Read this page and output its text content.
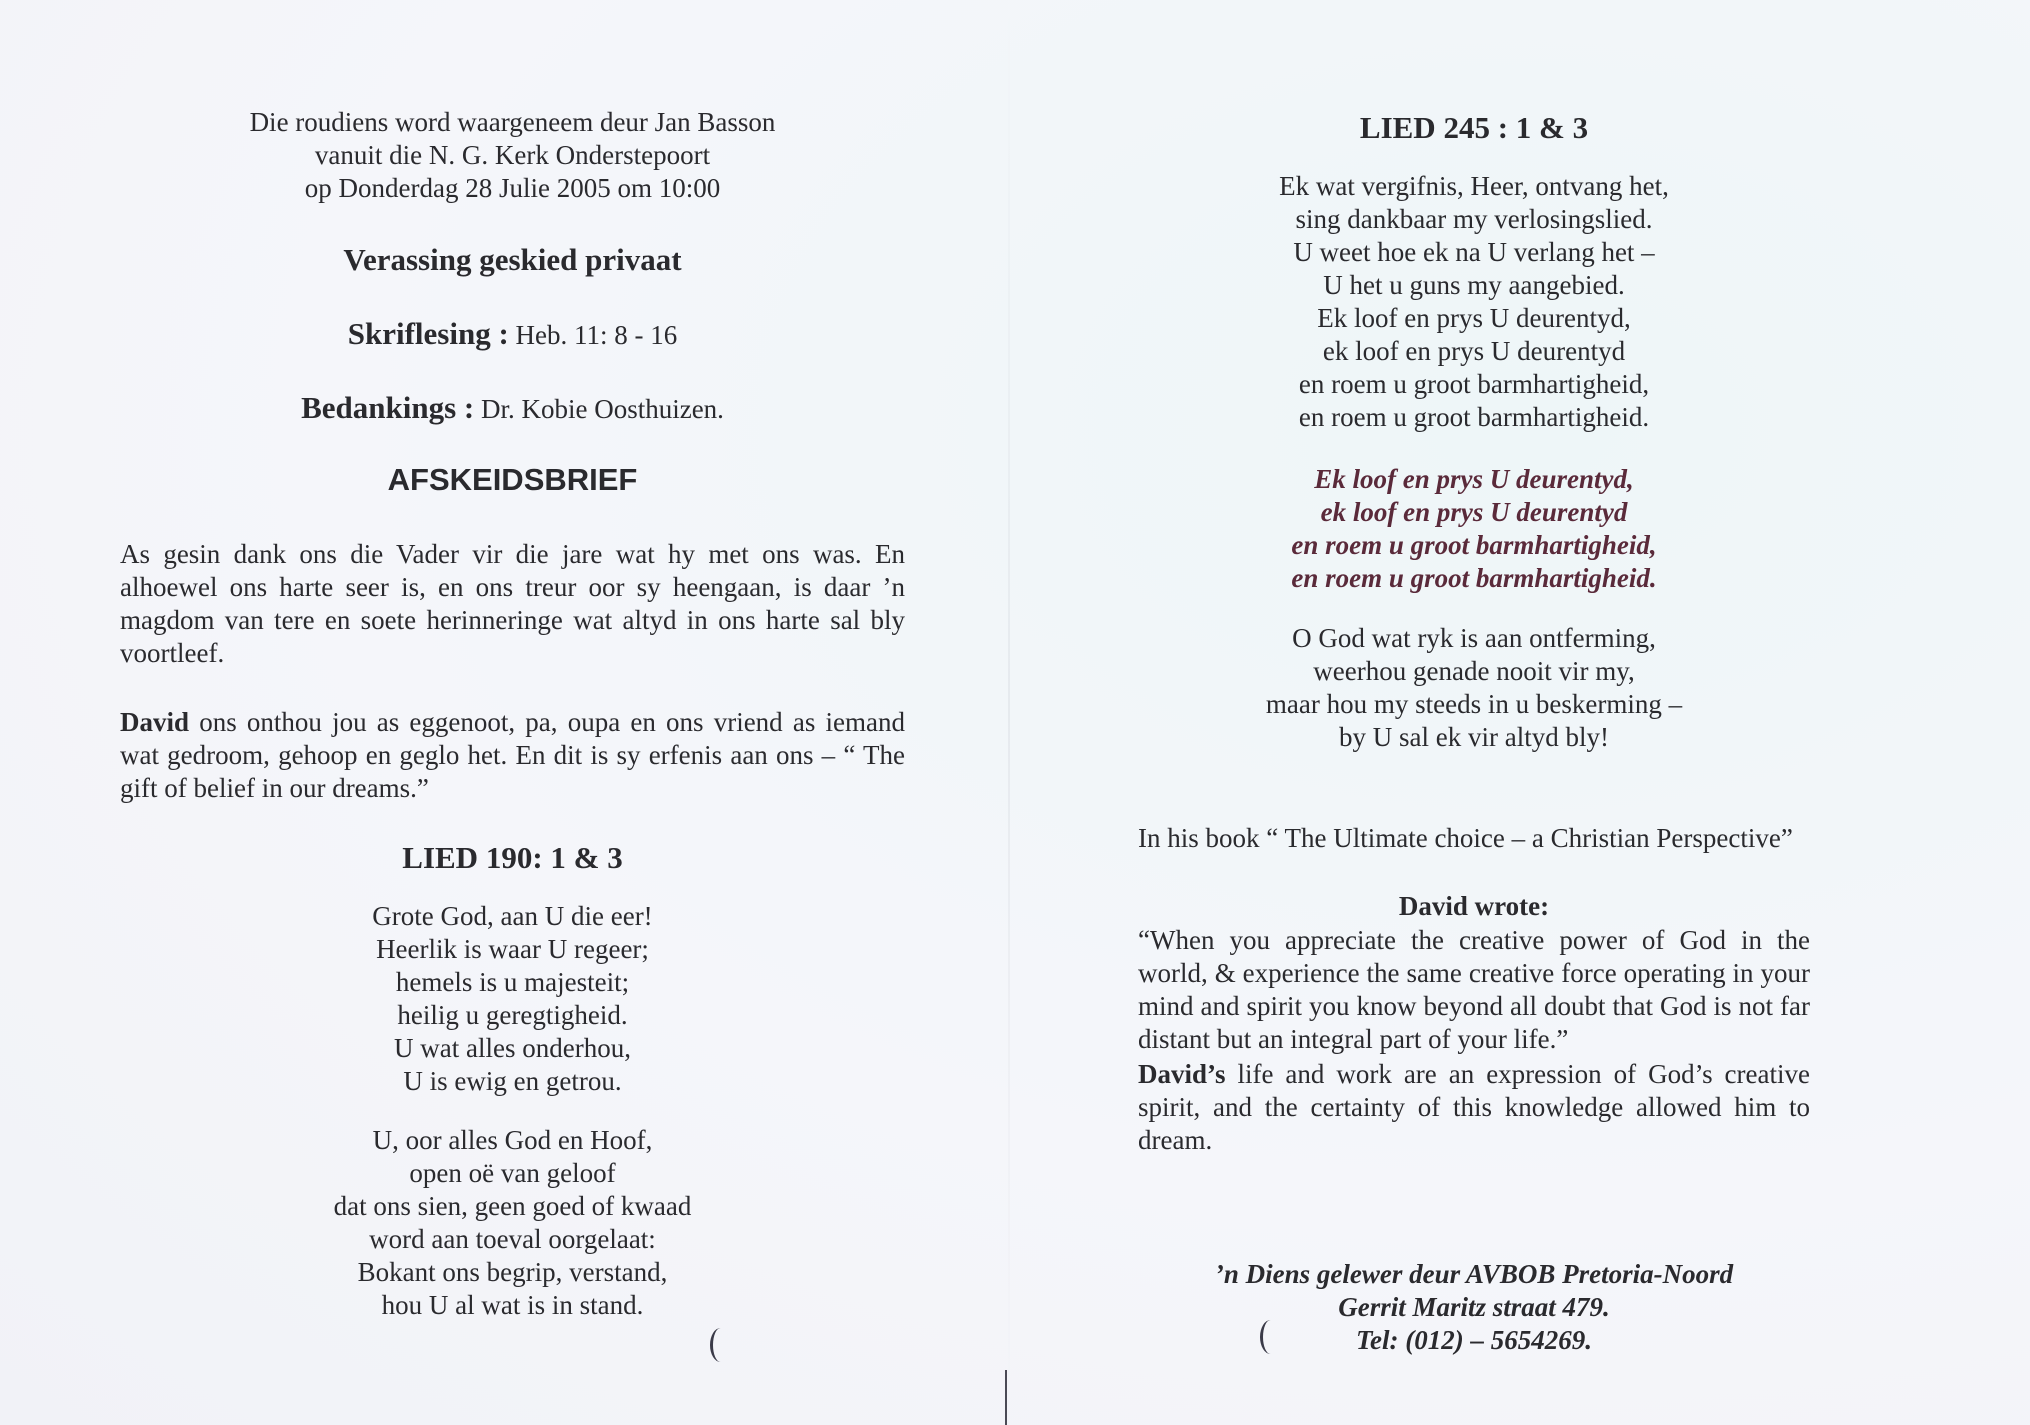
Die roudiens word waargeneem deur Jan Basson
vanuit die N. G. Kerk Onderstepoort
op Donderdag 28 Julie 2005 om 10:00
Verassing geskied privaat
Skriflesing : Heb. 11: 8 - 16
Bedankings : Dr. Kobie Oosthuizen.
AFSKEIDSBRIEF
As gesin dank ons die Vader vir die jare wat hy met ons was. En alhoewel ons harte seer is, en ons treur oor sy heengaan, is daar ’n magdom van tere en soete herinneringe wat altyd in ons harte sal bly voortleef.
David ons onthou jou as eggenoot, pa, oupa en ons vriend as iemand wat gedroom, gehoop en geglo het. En dit is sy erfenis aan ons – “ The gift of belief in our dreams.”
LIED 190: 1 & 3
Grote God, aan U die eer!
Heerlik is waar U regeer;
hemels is u majesteit;
heilig u geregtigheid.
U wat alles onderhou,
U is ewig en getrou.
U, oor alles God en Hoof,
open oë van geloof
dat ons sien, geen goed of kwaad
word aan toeval oorgelaat:
Bokant ons begrip, verstand,
hou U al wat is in stand.
LIED 245 : 1 & 3
Ek wat vergifnis, Heer, ontvang het,
sing dankbaar my verlosingslied.
U weet hoe ek na U verlang het –
U het u guns my aangebied.
Ek loof en prys U deurentyd,
ek loof en prys U deurentyd
en roem u groot barmhartigheid,
en roem u groot barmhartigheid.
Ek loof en prys U deurentyd,
ek loof en prys U deurentyd
en roem u groot barmhartigheid,
en roem u groot barmhartigheid.
O God wat ryk is aan ontferming,
weerhou genade nooit vir my,
maar hou my steeds in u beskerming –
by U sal ek vir altyd bly!
In his book “ The Ultimate choice – a Christian Perspective”
David wrote:
“When you appreciate the creative power of God in the world, & experience the same creative force operating in your mind and spirit you know beyond all doubt that God is not far distant but an integral part of your life.”
David’s life and work are an expression of God’s creative spirit, and the certainty of this knowledge allowed him to dream.
’n Diens gelewer deur AVBOB Pretoria-Noord
Gerrit Maritz straat 479.
Tel: (012) – 5654269.
